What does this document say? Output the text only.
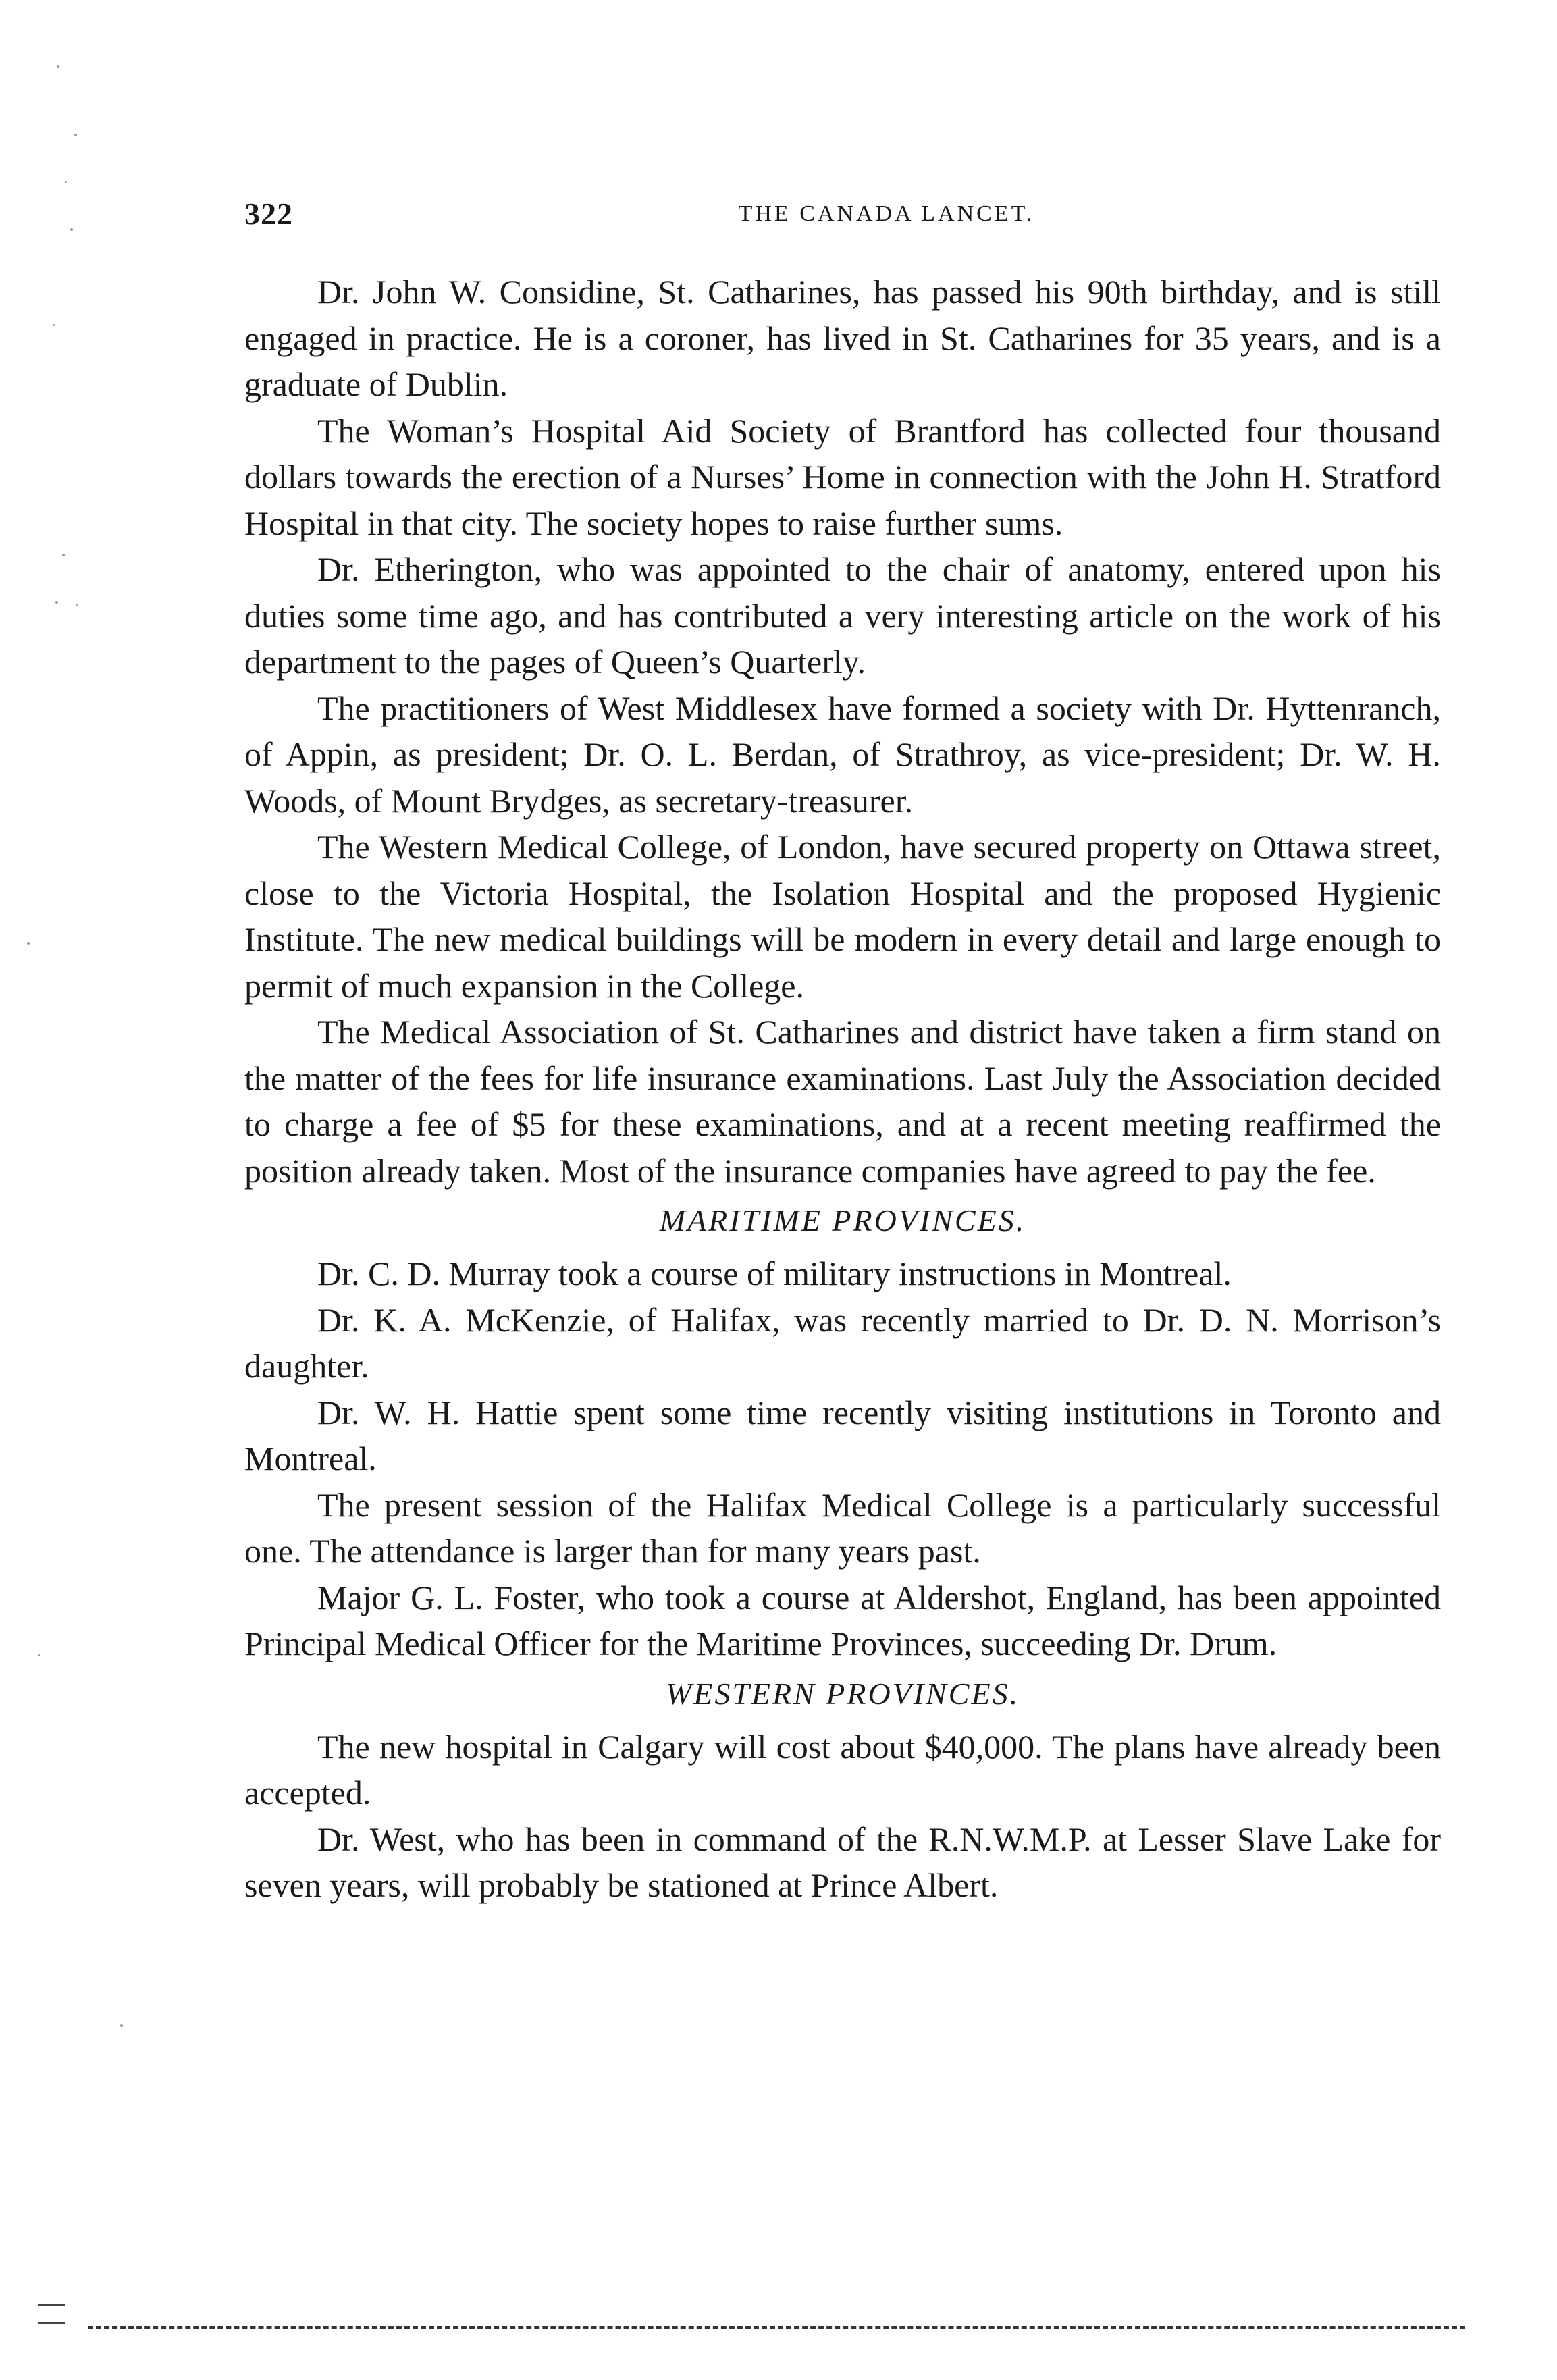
322	THE CANADA LANCET.

Dr. John W. Considine, St. Catharines, has passed his 90th birthday, and is still engaged in practice. He is a coroner, has lived in St. Catharines for 35 years, and is a graduate of Dublin.

The Woman’s Hospital Aid Society of Brantford has collected four thousand dollars towards the erection of a Nurses’ Home in connection with the John H. Stratford Hospital in that city. The society hopes to raise further sums.

Dr. Etherington, who was appointed to the chair of anatomy, entered upon his duties some time ago, and has contributed a very interesting article on the work of his department to the pages of Queen’s Quarterly.

The practitioners of West Middlesex have formed a society with Dr. Hyttenranch, of Appin, as president; Dr. O. L. Berdan, of Strathroy, as vice-president; Dr. W. H. Woods, of Mount Brydges, as secretary-treasurer.

The Western Medical College, of London, have secured property on Ottawa street, close to the Victoria Hospital, the Isolation Hospital and the proposed Hygienic Institute. The new medical buildings will be modern in every detail and large enough to permit of much expansion in the College.

The Medical Association of St. Catharines and district have taken a firm stand on the matter of the fees for life insurance examinations. Last July the Association decided to charge a fee of $5 for these examinations, and at a recent meeting reaffirmed the position already taken. Most of the insurance companies have agreed to pay the fee.

MARITIME PROVINCES.

Dr. C. D. Murray took a course of military instructions in Montreal.

Dr. K. A. McKenzie, of Halifax, was recently married to Dr. D. N. Morrison’s daughter.

Dr. W. H. Hattie spent some time recently visiting institutions in Toronto and Montreal.

The present session of the Halifax Medical College is a particularly successful one. The attendance is larger than for many years past.

Major G. L. Foster, who took a course at Aldershot, England, has been appointed Principal Medical Officer for the Maritime Provinces, succeeding Dr. Drum.

WESTERN PROVINCES.

The new hospital in Calgary will cost about $40,000. The plans have already been accepted.

Dr. West, who has been in command of the R.N.W.M.P. at Lesser Slave Lake for seven years, will probably be stationed at Prince Albert.
